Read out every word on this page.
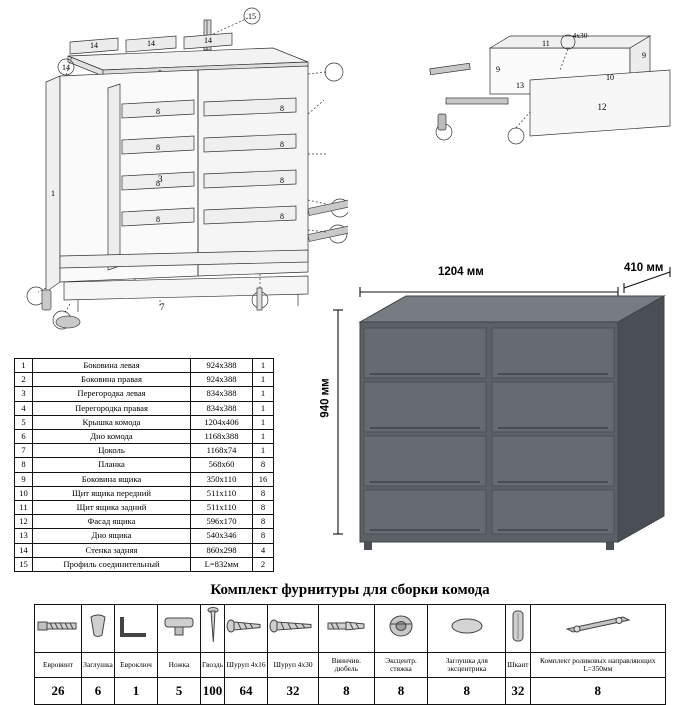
15
14	14	14
14
1
8
8
8
8
8
8
8
8
3
7
12
9
9
11
13
10
4х30
1	Боковина левая	924х388	1
2	Боковина правая	924х388	1
3	Перегородка левая	834х388	1
4	Перегородка правая	834х388	1
5	Крышка комода	1204х406	1
6	Дно комода	1168х388	1
7	Цоколь	1168х74	1
8	Планка	568х60	8
9	Боковина ящика	350х110	16
10	Щит ящика передний	511х110	8
11	Щит ящика задний	511х110	8
12	Фасад ящика	596х170	8
13	Дно ящика	540х346	8
14	Стенка задняя	860х298	4
15	Профиль соединительный	L=832мм	2
1204 мм	410 мм
940 мм
Комплект фурнитуры для сборки комода

Евровинт	Заглушка	Евроключ	Ножка	Гвоздь	Шуруп 4х16	Шуруп 4х30	Ввинчив. дюбель	Эксцентр. стяжка	Заглушка для эксцентрика	Шкант	Комплект роликовых направляющих L=350мм
26	6	1	5	100	64	32	8	8	8	32	8
